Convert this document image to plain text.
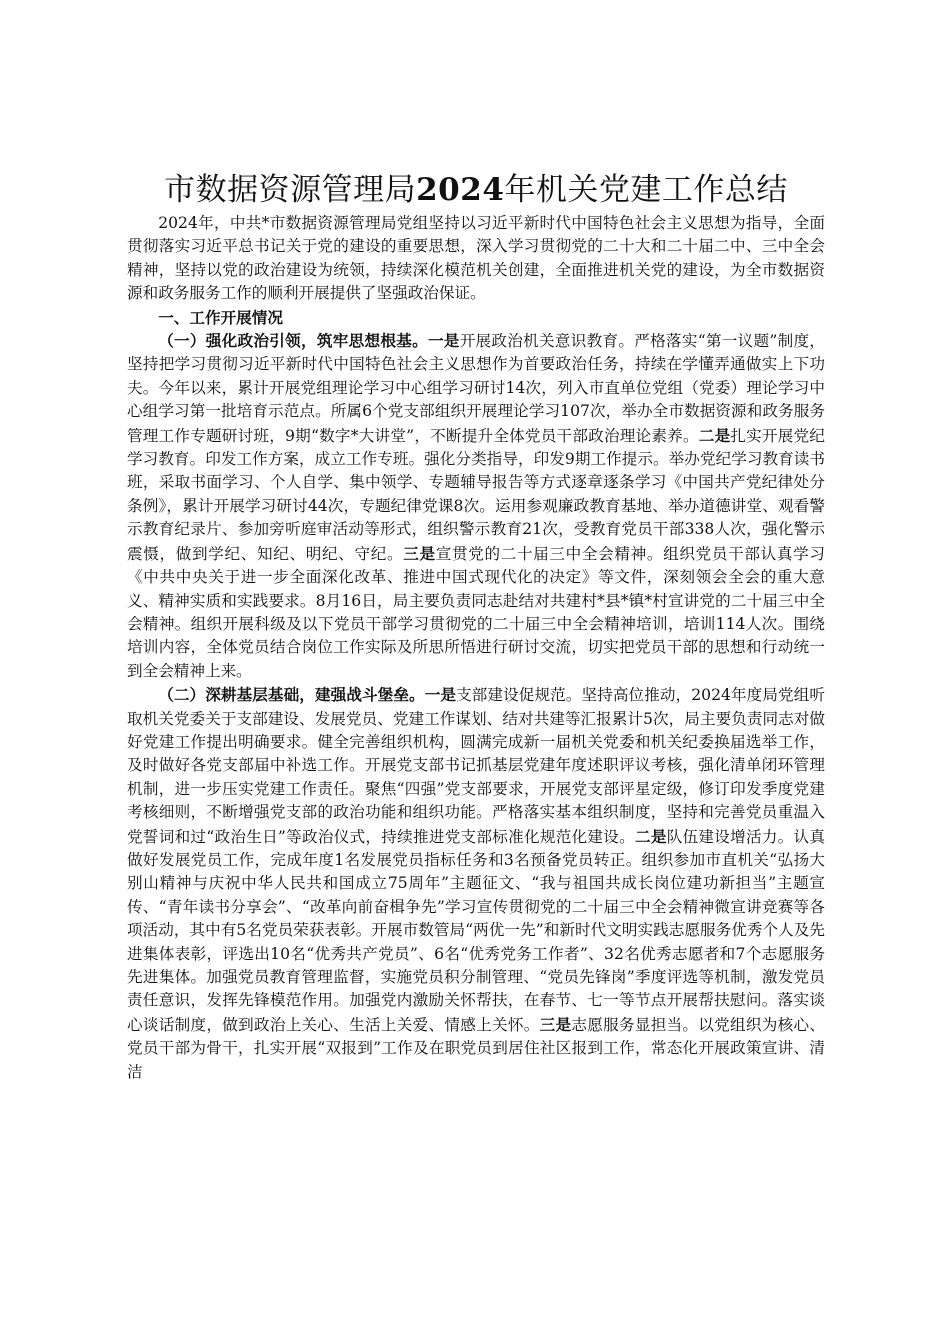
市数据资源管理局2024年机关党建工作总结

2024年，中共*市数据资源管理局党组坚持以习近平新时代中国特色社会主义思想为指导，全面贯彻落实习近平总书记关于党的建设的重要思想，深入学习贯彻党的二十大和二十届二中、三中全会精神，坚持以党的政治建设为统领，持续深化模范机关创建，全面推进机关党的建设，为全市数据资源和政务服务工作的顺利开展提供了坚强政治保证。

一、工作开展情况

（一）强化政治引领，筑牢思想根基。一是开展政治机关意识教育。严格落实“第一议题”制度，坚持把学习贯彻习近平新时代中国特色社会主义思想作为首要政治任务，持续在学懂弄通做实上下功夫。今年以来，累计开展党组理论学习中心组学习研讨14次，列入市直单位党组（党委）理论学习中心组学习第一批培育示范点。所属6个党支部组织开展理论学习107次，举办全市数据资源和政务服务管理工作专题研讨班，9期“数字*大讲堂”，不断提升全体党员干部政治理论素养。二是扎实开展党纪学习教育。印发工作方案，成立工作专班。强化分类指导，印发9期工作提示。举办党纪学习教育读书班，采取书面学习、个人自学、集中领学、专题辅导报告等方式逐章逐条学习《中国共产党纪律处分条例》，累计开展学习研讨44次，专题纪律党课8次。运用参观廉政教育基地、举办道德讲堂、观看警示教育纪录片、参加旁听庭审活动等形式，组织警示教育21次，受教育党员干部338人次，强化警示震慑，做到学纪、知纪、明纪、守纪。三是宣贯党的二十届三中全会精神。组织党员干部认真学习《中共中央关于进一步全面深化改革、推进中国式现代化的决定》等文件，深刻领会全会的重大意义、精神实质和实践要求。8月16日，局主要负责同志赴结对共建村*县*镇*村宣讲党的二十届三中全会精神。组织开展科级及以下党员干部学习贯彻党的二十届三中全会精神培训，培训114人次。围绕培训内容，全体党员结合岗位工作实际及所思所悟进行研讨交流，切实把党员干部的思想和行动统一到全会精神上来。

（二）深耕基层基础，建强战斗堡垒。一是支部建设促规范。坚持高位推动，2024年度局党组听取机关党委关于支部建设、发展党员、党建工作谋划、结对共建等汇报累计5次，局主要负责同志对做好党建工作提出明确要求。健全完善组织机构，圆满完成新一届机关党委和机关纪委换届选举工作，及时做好各党支部届中补选工作。开展党支部书记抓基层党建年度述职评议考核，强化清单闭环管理机制，进一步压实党建工作责任。聚焦“四强”党支部要求，开展党支部评星定级，修订印发季度党建考核细则，不断增强党支部的政治功能和组织功能。严格落实基本组织制度，坚持和完善党员重温入党誓词和过“政治生日”等政治仪式，持续推进党支部标准化规范化建设。二是队伍建设增活力。认真做好发展党员工作，完成年度1名发展党员指标任务和3名预备党员转正。组织参加市直机关“弘扬大别山精神与庆祝中华人民共和国成立75周年”主题征文、“我与祖国共成长岗位建功新担当”主题宣传、“青年读书分享会”、“改革向前奋楫争先”学习宣传贯彻党的二十届三中全会精神微宣讲竞赛等各项活动，其中有5名党员荣获表彰。开展市数管局“两优一先”和新时代文明实践志愿服务优秀个人及先进集体表彰，评选出10名“优秀共产党员”、6名“优秀党务工作者”、32名优秀志愿者和7个志愿服务先进集体。加强党员教育管理监督，实施党员积分制管理、“党员先锋岗”季度评选等机制，激发党员责任意识，发挥先锋模范作用。加强党内激励关怀帮扶，在春节、七一等节点开展帮扶慰问。落实谈心谈话制度，做到政治上关心、生活上关爱、情感上关怀。三是志愿服务显担当。以党组织为核心、党员干部为骨干，扎实开展“双报到”工作及在职党员到居住社区报到工作，常态化开展政策宣讲、清洁
